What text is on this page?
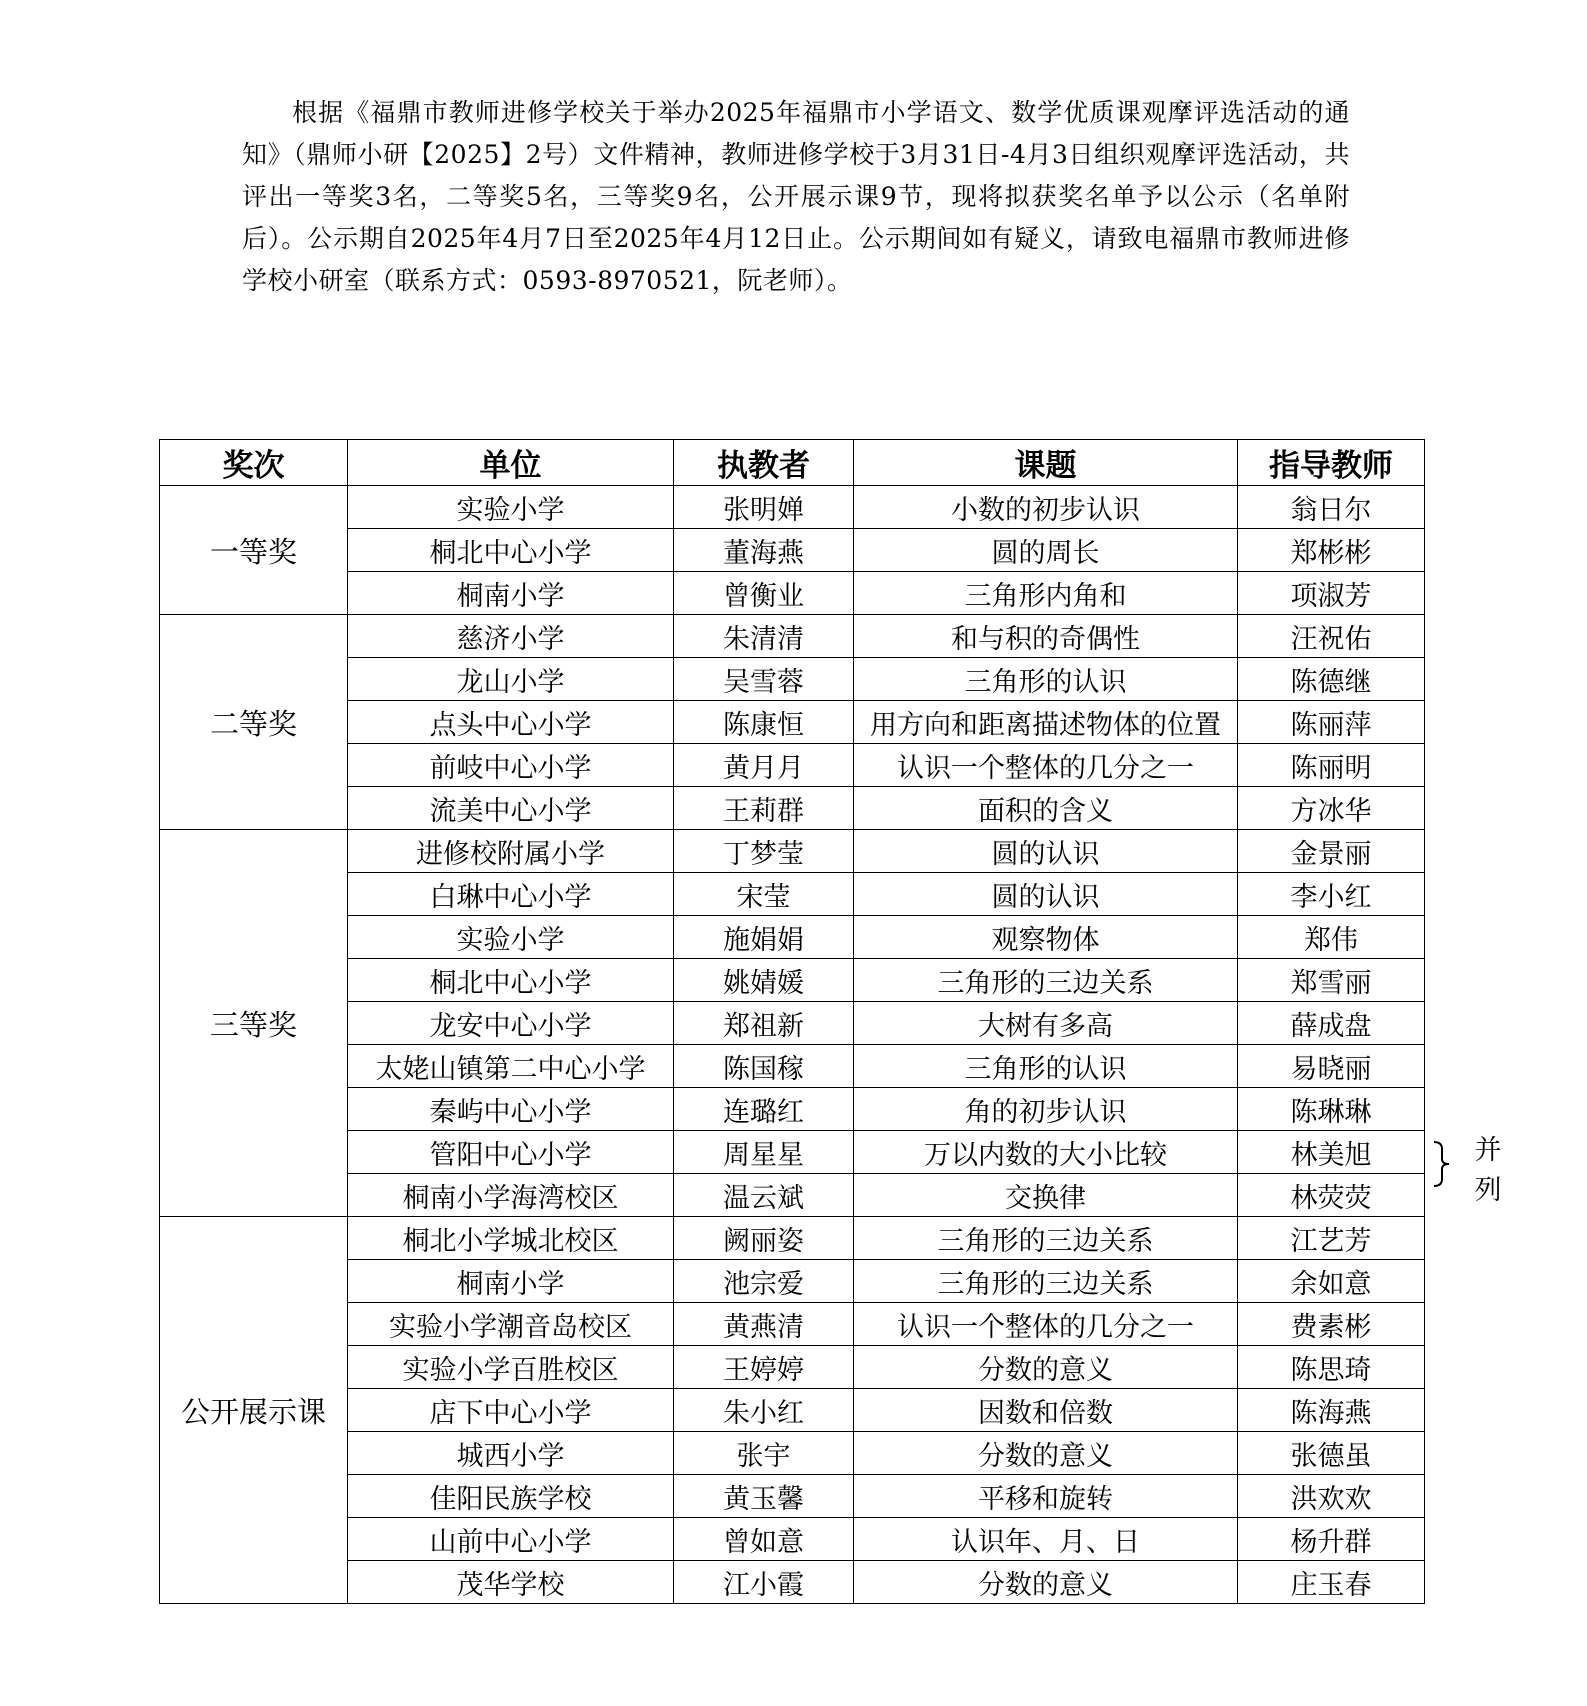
根据《福鼎市教师进修学校关于举办2025年福鼎市小学语文、数学优质课观摩评选活动的通知》（鼎师小研【2025】2号）文件精神，教师进修学校于3月31日-4月3日组织观摩评选活动，共评出一等奖3名，二等奖5名，三等奖9名，公开展示课9节，现将拟获奖名单予以公示（名单附后）。公示期自2025年4月7日至2025年4月12日止。公示期间如有疑义，请致电福鼎市教师进修学校小研室（联系方式：0593-8970521，阮老师）。

奖次	单位	执教者	课题	指导教师
一等奖	实验小学	张明婵	小数的初步认识	翁日尔
	桐北中心小学	董海燕	圆的周长	郑彬彬
	桐南小学	曾衡业	三角形内角和	项淑芳
二等奖	慈济小学	朱清清	和与积的奇偶性	汪祝佑
	龙山小学	吴雪蓉	三角形的认识	陈德继
	点头中心小学	陈康恒	用方向和距离描述物体的位置	陈丽萍
	前岐中心小学	黄月月	认识一个整体的几分之一	陈丽明
	流美中心小学	王莉群	面积的含义	方冰华
三等奖	进修校附属小学	丁梦莹	圆的认识	金景丽
	白琳中心小学	宋莹	圆的认识	李小红
	实验小学	施娟娟	观察物体	郑伟
	桐北中心小学	姚婧媛	三角形的三边关系	郑雪丽
	龙安中心小学	郑祖新	大树有多高	薛成盘
	太姥山镇第二中心小学	陈国稼	三角形的认识	易晓丽
	秦屿中心小学	连璐红	角的初步认识	陈琳琳
	管阳中心小学	周星星	万以内数的大小比较	林美旭
	桐南小学海湾校区	温云斌	交换律	林荧荧
公开展示课	桐北小学城北校区	阙丽姿	三角形的三边关系	江艺芳
	桐南小学	池宗爱	三角形的三边关系	余如意
	实验小学潮音岛校区	黄燕清	认识一个整体的几分之一	费素彬
	实验小学百胜校区	王婷婷	分数的意义	陈思琦
	店下中心小学	朱小红	因数和倍数	陈海燕
	城西小学	张宇	分数的意义	张德虽
	佳阳民族学校	黄玉馨	平移和旋转	洪欢欢
	山前中心小学	曾如意	认识年、月、日	杨升群
	茂华学校	江小霞	分数的意义	庄玉春
并
列
